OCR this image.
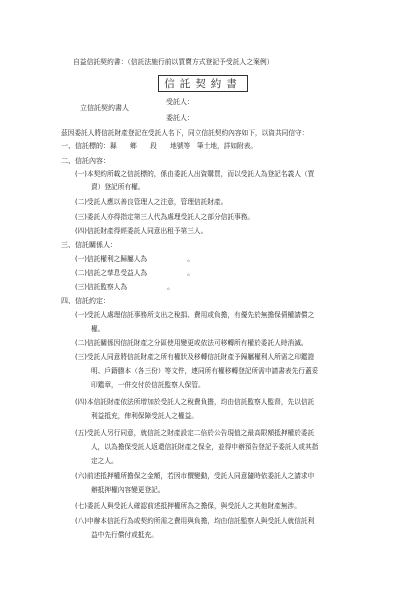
自益信託契約書：（信託法施行前以買賣方式登記予受託人之案例）
信託契約書
立信託契約書人
受託人：
委託人：
茲因委託人將信託財產登記在受託人名下，同立信託契約內容如下，以資共同信守：
一、信託標的： 縣　　鄉　　段　　地號等　筆土地，詳如附表。
二、信託內容：
(一)本契約所載之信託標的，係由委託人出資購買，而以受託人為登記名義人（買
賣）登記所有權。
(二)受託人應以善良管理人之注意，管理信託財產。
(三)委託人亦得指定第三人代為處理受託人之部分信託事務。
(四)信託財產得經委託人同意出租予第三人。
三、信託關係人：
(一)信託權利之歸屬人為　　　　　　。
(二)信託之孳息受益人為　　　　　　。
(三)信託監察人為　　　　　　。
四、信託約定：
(一)受託人處理信託事務所支出之稅捐、費用或負擔，有優先於無擔保債權請償之
權。
(二)信託關係因信託財產之分區使用變更或依法可移轉所有權於委託人時消滅。
(三)受託人同意將信託財產之所有權狀及移轉信託財產予歸屬權利人所需之印鑑證
明、戶籍謄本（各三份）等文件，連同所有權移轉登記所需申請書表先行蓋妥
印鑑章，一併交付於信託監察人保管。
(四)本信託財產依法所增加於受託人之稅費負擔，均由信託監察人監督，先以信託
利益抵充，俾利保障受託人之權益。
(五)受託人另行同意，就信託之財產設定二倍於公告現值之最高限額抵押權於委託
人，以為擔保受託人返還信託財產之保全，並得申辦預告登記予委託人或其指
定之人。
(六)前述抵押權所擔保之金額，若因市價變動，受託人同意隨時依委託人之請求申
辦抵押權內容變更登記。
(七)委託人與受託人確認前述抵押權所為之擔保，與受託人之其他財產無涉。
(八)申辦本信託行為或契約所需之費用與負擔，均由信託監察人與受託人就信託利
益中先行償付或抵充。
